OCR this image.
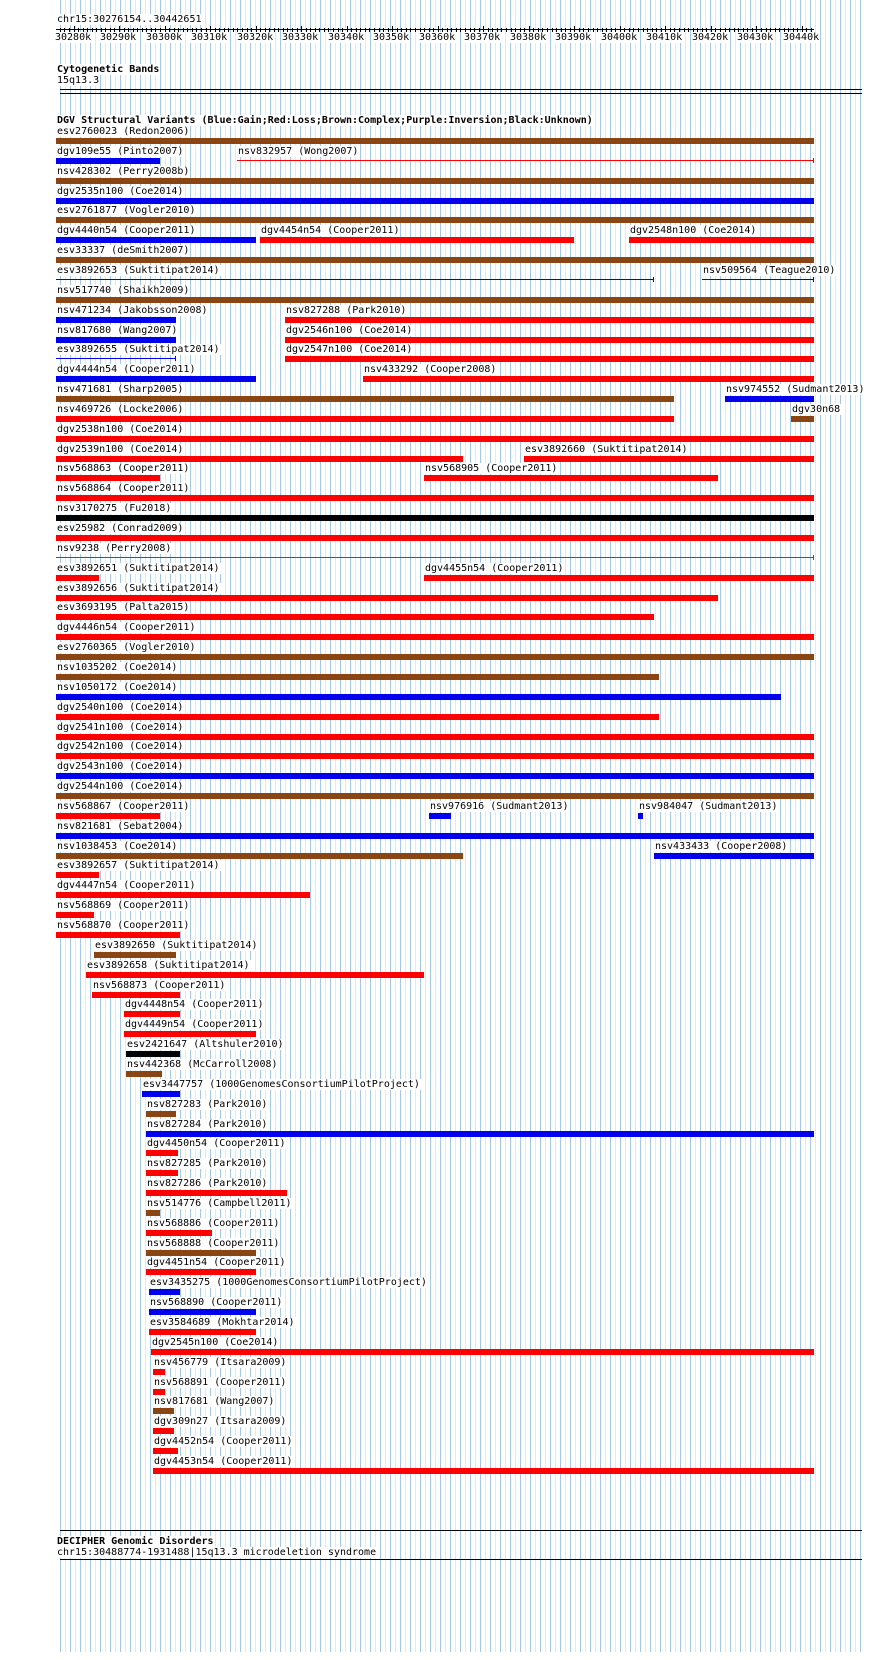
chr15:30276154..30442651
30280k 30290k 30300k 30310k 30320k 30330k 30340k 30350k 30360k 30370k 30380k 30390k 30400k 30410k 30420k 30430k 30440k
Cytogenetic Bands
15q13.3
DGV Structural Variants (Blue:Gain;Red:Loss;Brown:Complex;Purple:Inversion;Black:Unknown)
esv2760023 (Redon2006)
dgv109e55 (Pinto2007)	nsv832957 (Wong2007)
nsv428302 (Perry2008b)
dgv2535n100 (Coe2014)
esv2761877 (Vogler2010)
dgv4440n54 (Cooper2011)	dgv4454n54 (Cooper2011)	dgv2548n100 (Coe2014)
esv33337 (deSmith2007)
esv3892653 (Suktitipat2014)	nsv509564 (Teague2010)
nsv517740 (Shaikh2009)
nsv471234 (Jakobsson2008)	nsv827288 (Park2010)
nsv817680 (Wang2007)	dgv2546n100 (Coe2014)
esv3892655 (Suktitipat2014)	dgv2547n100 (Coe2014)
dgv4444n54 (Cooper2011)	nsv433292 (Cooper2008)
nsv471681 (Sharp2005)	nsv974552 (Sudmant2013)
nsv469726 (Locke2006)	dgv30n68
dgv2538n100 (Coe2014)
dgv2539n100 (Coe2014)	esv3892660 (Suktitipat2014)
nsv568863 (Cooper2011)	nsv568905 (Cooper2011)
nsv568864 (Cooper2011)
nsv3170275 (Fu2018)
esv25982 (Conrad2009)
nsv9238 (Perry2008)
esv3892651 (Suktitipat2014)	dgv4455n54 (Cooper2011)
esv3892656 (Suktitipat2014)
esv3693195 (Palta2015)
dgv4446n54 (Cooper2011)
esv2760365 (Vogler2010)
nsv1035202 (Coe2014)
nsv1050172 (Coe2014)
dgv2540n100 (Coe2014)
dgv2541n100 (Coe2014)
dgv2542n100 (Coe2014)
dgv2543n100 (Coe2014)
dgv2544n100 (Coe2014)
nsv568867 (Cooper2011)	nsv976916 (Sudmant2013)	nsv984047 (Sudmant2013)
nsv821681 (Sebat2004)
nsv1038453 (Coe2014)	nsv433433 (Cooper2008)
esv3892657 (Suktitipat2014)
dgv4447n54 (Cooper2011)
nsv568869 (Cooper2011)
nsv568870 (Cooper2011)
esv3892650 (Suktitipat2014)
esv3892658 (Suktitipat2014)
nsv568873 (Cooper2011)
dgv4448n54 (Cooper2011)
dgv4449n54 (Cooper2011)
esv2421647 (Altshuler2010)
nsv442368 (McCarroll2008)
esv3447757 (1000GenomesConsortiumPilotProject)
nsv827283 (Park2010)
nsv827284 (Park2010)
dgv4450n54 (Cooper2011)
nsv827285 (Park2010)
nsv827286 (Park2010)
nsv514776 (Campbell2011)
nsv568886 (Cooper2011)
nsv568888 (Cooper2011)
dgv4451n54 (Cooper2011)
esv3435275 (1000GenomesConsortiumPilotProject)
nsv568890 (Cooper2011)
esv3584689 (Mokhtar2014)
dgv2545n100 (Coe2014)
nsv456779 (Itsara2009)
nsv568891 (Cooper2011)
nsv817681 (Wang2007)
dgv309n27 (Itsara2009)
dgv4452n54 (Cooper2011)
dgv4453n54 (Cooper2011)
DECIPHER Genomic Disorders
chr15:30488774-1931488|15q13.3 microdeletion syndrome
